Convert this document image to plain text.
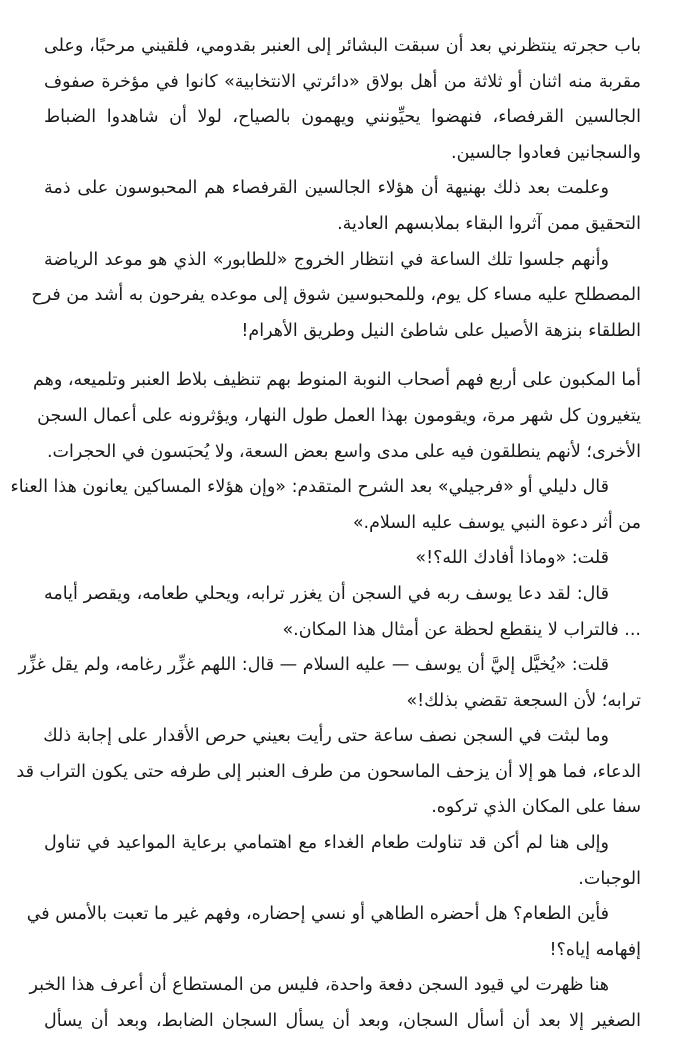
باب حجرته ينتظرني بعد أن سبقت البشائر إلى العنبر بقدومي، فلقيني مرحبًا، وعلى
مقربة منه اثنان أو ثلاثة من أهل بولاق «دائرتي الانتخابية» كانوا في مؤخرة صفوف
الجالسين القرفصاء، فنهضوا يحيِّونني ويهمون بالصياح، لولا أن شاهدوا الضباط
والسجانين فعادوا جالسين.

وعلمت بعد ذلك بهنيهة أن هؤلاء الجالسين القرفصاء هم المحبوسون على ذمة
التحقيق ممن آثروا البقاء بملابسهم العادية.

وأنهم جلسوا تلك الساعة في انتظار الخروج «للطابور» الذي هو موعد الرياضة
المصطلح عليه مساء كل يوم، وللمحبوسين شوق إلى موعده يفرحون به أشد من فرح
الطلقاء بنزهة الأصيل على شاطئ النيل وطريق الأهرام!

أما المكبون على أربع فهم أصحاب النوبة المنوط بهم تنظيف بلاط العنبر وتلميعه، وهم
يتغيرون كل شهر مرة، ويقومون بهذا العمل طول النهار، ويؤثرونه على أعمال السجن
الأخرى؛ لأنهم ينطلقون فيه على مدى واسع بعض السعة، ولا يُحبَسون في الحجرات.

قال دليلي أو «فرجيلي» بعد الشرح المتقدم: «وإن هؤلاء المساكين يعانون هذا العناء
من أثر دعوة النبي يوسف عليه السلام.»

قلت: «وماذا أفادك الله؟!»

قال: لقد دعا يوسف ربه في السجن أن يغزر ترابه، ويحلي طعامه، ويقصر أيامه
... فالتراب لا ينقطع لحظة عن أمثال هذا المكان.»

قلت: «يُخيَّل إليَّ أن يوسف — عليه السلام — قال: اللهم غزِّر رغامه، ولم يقل غزِّر
ترابه؛ لأن السجعة تقضي بذلك!»

وما لبثت في السجن نصف ساعة حتى رأيت بعيني حرص الأقدار على إجابة ذلك
الدعاء، فما هو إلا أن يزحف الماسحون من طرف العنبر إلى طرفه حتى يكون التراب قد
سفا على المكان الذي تركوه.

وإلى هنا لم أكن قد تناولت طعام الغداء مع اهتمامي برعاية المواعيد في تناول
الوجبات.

فأين الطعام؟ هل أحضره الطاهي أو نسي إحضاره، وفهم غير ما تعبت بالأمس في
إفهامه إياه؟!

هنا ظهرت لي قيود السجن دفعة واحدة، فليس من المستطاع أن أعرف هذا الخبر
الصغير إلا بعد أن أسأل السجان، وبعد أن يسأل السجان الضابط، وبعد أن يسأل
